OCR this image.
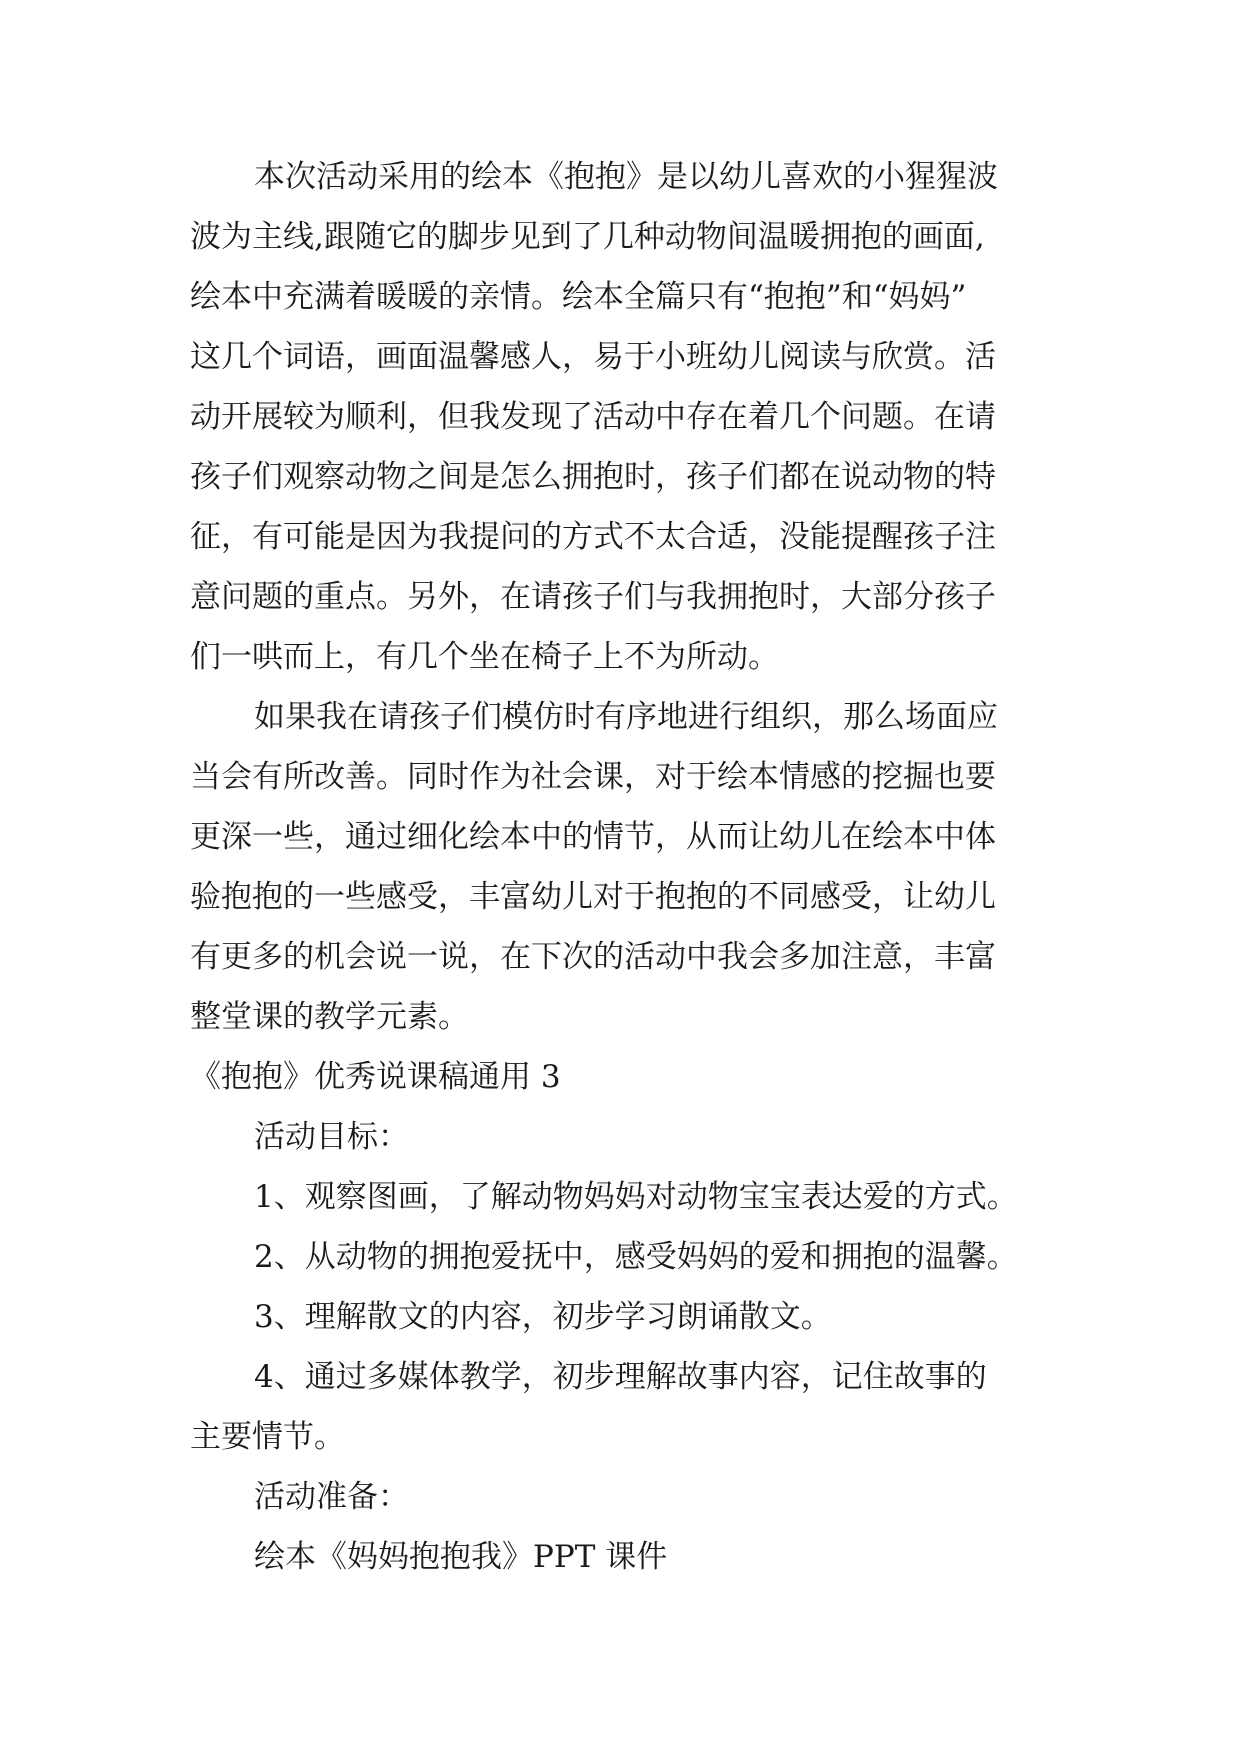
本次活动采用的绘本《抱抱》是以幼儿喜欢的小猩猩波
波为主线,跟随它的脚步见到了几种动物间温暖拥抱的画面,
绘本中充满着暖暖的亲情。绘本全篇只有“抱抱”和“妈妈”
这几个词语，画面温馨感人，易于小班幼儿阅读与欣赏。活
动开展较为顺利，但我发现了活动中存在着几个问题。在请
孩子们观察动物之间是怎么拥抱时，孩子们都在说动物的特
征，有可能是因为我提问的方式不太合适，没能提醒孩子注
意问题的重点。另外，在请孩子们与我拥抱时，大部分孩子
们一哄而上，有几个坐在椅子上不为所动。
如果我在请孩子们模仿时有序地进行组织，那么场面应
当会有所改善。同时作为社会课，对于绘本情感的挖掘也要
更深一些，通过细化绘本中的情节，从而让幼儿在绘本中体
验抱抱的一些感受，丰富幼儿对于抱抱的不同感受，让幼儿
有更多的机会说一说，在下次的活动中我会多加注意，丰富
整堂课的教学元素。
《抱抱》优秀说课稿通用 3
活动目标：
1、观察图画，了解动物妈妈对动物宝宝表达爱的方式。
2、从动物的拥抱爱抚中，感受妈妈的爱和拥抱的温馨。
3、理解散文的内容，初步学习朗诵散文。
4、通过多媒体教学，初步理解故事内容，记住故事的
主要情节。
活动准备：
绘本《妈妈抱抱我》PPT 课件
